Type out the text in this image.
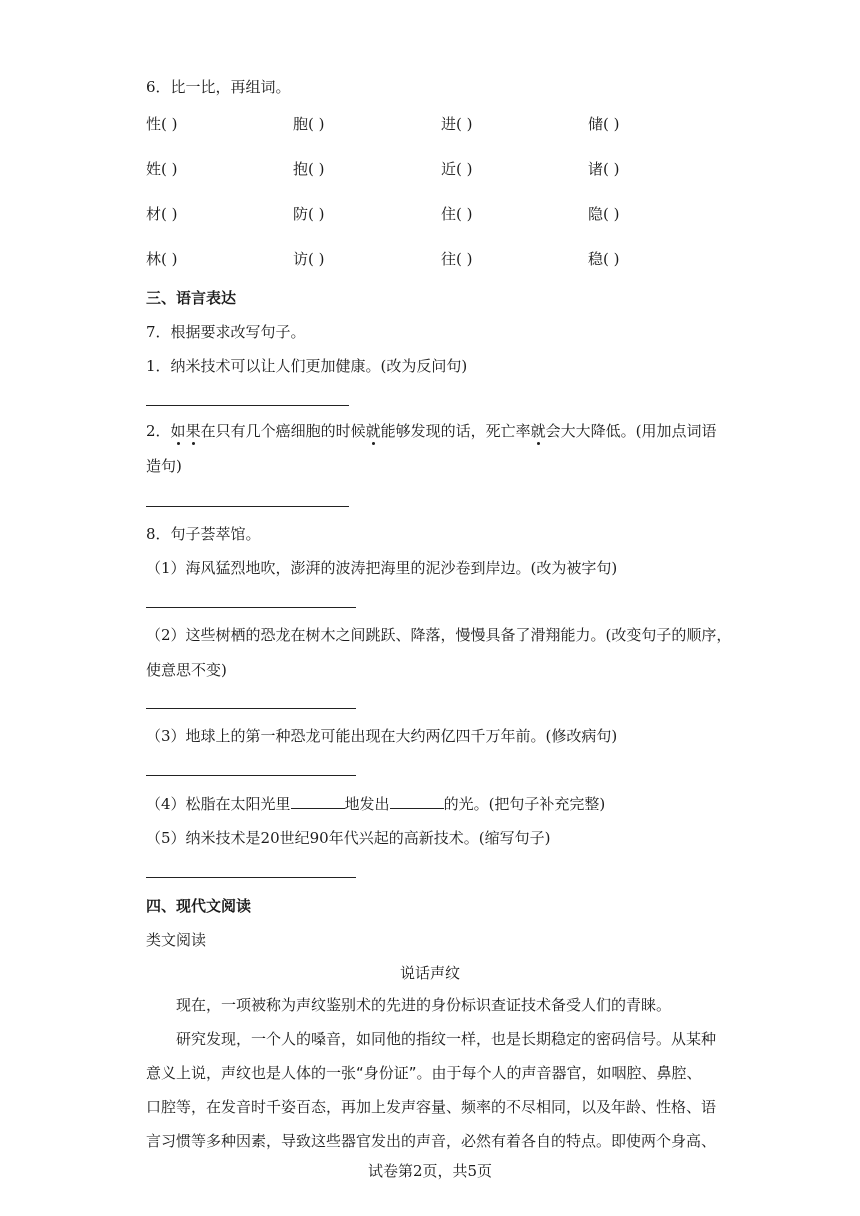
6．比一比，再组词。
性( )	胞( )	进( )	储( )
姓( )	抱( )	近( )	诸( )
材( )	防( )	住( )	隐( )
林( )	访( )	往( )	稳( )
三、语言表达
7．根据要求改写句子。
1．纳米技术可以让人们更加健康。(改为反问句)
2．如果在只有几个癌细胞的时候就能够发现的话，死亡率就会大大降低。(用加点词语
造句)
8．句子荟萃馆。
（1）海风猛烈地吹，澎湃的波涛把海里的泥沙卷到岸边。(改为被字句)
（2）这些树栖的恐龙在树木之间跳跃、降落，慢慢具备了滑翔能力。(改变句子的顺序，
使意思不变)
（3）地球上的第一种恐龙可能出现在大约两亿四千万年前。(修改病句)
（4）松脂在太阳光里	地发出	的光。(把句子补充完整)
（5）纳米技术是20世纪90年代兴起的高新技术。(缩写句子)
四、现代文阅读
类文阅读
说话声纹
现在，一项被称为声纹鉴别术的先进的身份标识查证技术备受人们的青睐。
研究发现，一个人的嗓音，如同他的指纹一样，也是长期稳定的密码信号。从某种
意义上说，声纹也是人体的一张“身份证”。由于每个人的声音器官，如咽腔、鼻腔、
口腔等，在发音时千姿百态，再加上发声容量、频率的不尽相同，以及年龄、性格、语
言习惯等多种因素，导致这些器官发出的声音，必然有着各自的特点。即使两个身高、
试卷第2页，共5页
